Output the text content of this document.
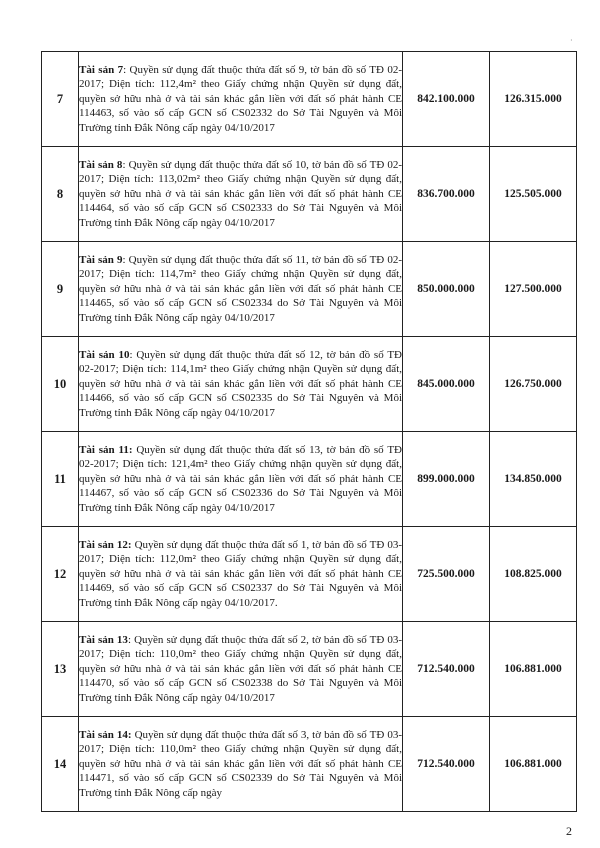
·
7	Tài sản 7: Quyền sử dụng đất thuộc thửa đất số 9, tờ bản đồ số TĐ 02-2017; Diện tích: 112,4m² theo Giấy chứng nhận Quyền sử dụng đất, quyền sở hữu nhà ở và tài sản khác gắn liền với đất số phát hành CE 114463, số vào số cấp GCN số CS02332 do Sở Tài Nguyên và Môi Trường tỉnh Đắk Nông cấp ngày 04/10/2017	842.100.000	126.315.000
8	Tài sản 8: Quyền sử dụng đất thuộc thửa đất số 10, tờ bản đồ số TĐ 02-2017; Diện tích: 113,02m² theo Giấy chứng nhận Quyền sử dụng đất, quyền sở hữu nhà ở và tài sản khác gắn liền với đất số phát hành CE 114464, số vào số cấp GCN số CS02333 do Sở Tài Nguyên và Môi Trường tỉnh Đắk Nông cấp ngày 04/10/2017	836.700.000	125.505.000
9	Tài sản 9: Quyền sử dụng đất thuộc thửa đất số 11, tờ bản đồ số TĐ 02-2017; Diện tích: 114,7m² theo Giấy chứng nhận Quyền sử dụng đất, quyền sở hữu nhà ở và tài sản khác gắn liền với đất số phát hành CE 114465, số vào số cấp GCN số CS02334 do Sở Tài Nguyên và Môi Trường tỉnh Đắk Nông cấp ngày 04/10/2017	850.000.000	127.500.000
10	Tài sản 10: Quyền sử dụng đất thuộc thửa đất số 12, tờ bản đồ số TĐ 02-2017; Diện tích: 114,1m² theo Giấy chứng nhận Quyền sử dụng đất, quyền sở hữu nhà ở và tài sản khác gắn liền với đất số phát hành CE 114466, số vào số cấp GCN số CS02335 do Sở Tài Nguyên và Môi Trường tỉnh Đắk Nông cấp ngày 04/10/2017	845.000.000	126.750.000
11	Tài sản 11: Quyền sử dụng đất thuộc thửa đất số 13, tờ bản đồ số TĐ 02-2017; Diện tích: 121,4m² theo Giấy chứng nhận quyền sử dụng đất, quyền sở hữu nhà ở và tài sản khác gắn liền với đất số phát hành CE 114467, số vào số cấp GCN số CS02336 do Sở Tài Nguyên và Môi Trường tỉnh Đắk Nông cấp ngày 04/10/2017	899.000.000	134.850.000
12	Tài sản 12: Quyền sử dụng đất thuộc thửa đất số 1, tờ bản đồ số TĐ 03-2017; Diện tích: 112,0m² theo Giấy chứng nhận Quyền sử dụng đất, quyền sở hữu nhà ở và tài sản khác gắn liền với đất số phát hành CE 114469, số vào số cấp GCN số CS02337 do Sở Tài Nguyên và Môi Trường tỉnh Đắk Nông cấp ngày 04/10/2017.	725.500.000	108.825.000
13	Tài sản 13: Quyền sử dụng đất thuộc thửa đất số 2, tờ bản đồ số TĐ 03-2017; Diện tích: 110,0m² theo Giấy chứng nhận Quyền sử dụng đất, quyền sở hữu nhà ở và tài sản khác gắn liền với đất số phát hành CE 114470, số vào số cấp GCN số CS02338 do Sở Tài Nguyên và Môi Trường tỉnh Đắk Nông cấp ngày 04/10/2017	712.540.000	106.881.000
14	Tài sản 14: Quyền sử dụng đất thuộc thửa đất số 3, tờ bản đồ số TĐ 03-2017; Diện tích: 110,0m² theo Giấy chứng nhận Quyền sử dụng đất, quyền sở hữu nhà ở và tài sản khác gắn liền với đất số phát hành CE 114471, số vào số cấp GCN số CS02339 do Sở Tài Nguyên và Môi Trường tỉnh Đắk Nông cấp ngày	712.540.000	106.881.000
2
